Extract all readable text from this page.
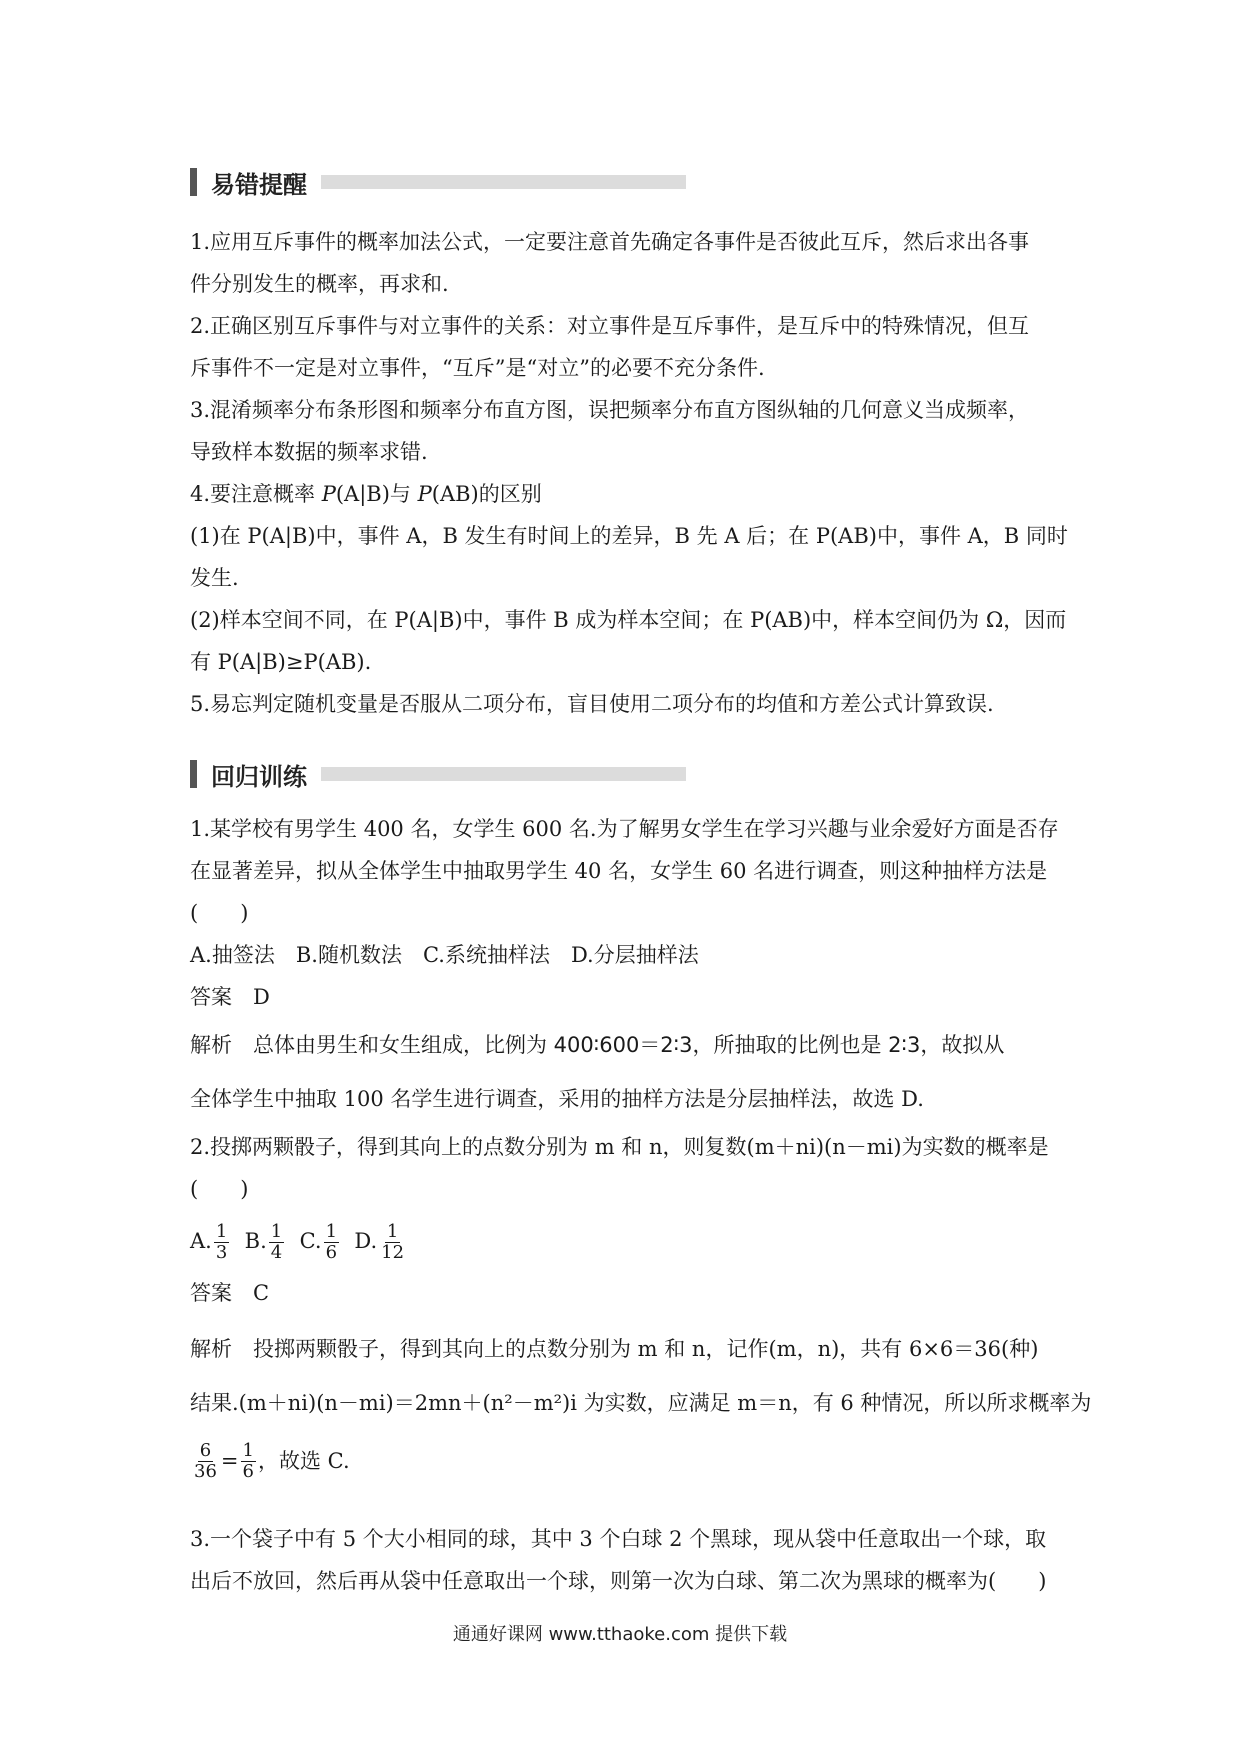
易错提醒
1.应用互斥事件的概率加法公式，一定要注意首先确定各事件是否彼此互斥，然后求出各事
件分别发生的概率，再求和.
2.正确区别互斥事件与对立事件的关系：对立事件是互斥事件，是互斥中的特殊情况，但互
斥事件不一定是对立事件，“互斥”是“对立”的必要不充分条件.
3.混淆频率分布条形图和频率分布直方图，误把频率分布直方图纵轴的几何意义当成频率，
导致样本数据的频率求错.
4.要注意概率 P(A|B)与 P(AB)的区别
(1)在 P(A|B)中，事件 A，B 发生有时间上的差异，B 先 A 后；在 P(AB)中，事件 A，B 同时
发生.
(2)样本空间不同，在 P(A|B)中，事件 B 成为样本空间；在 P(AB)中，样本空间仍为 Ω，因而
有 P(A|B)≥P(AB).
5.易忘判定随机变量是否服从二项分布，盲目使用二项分布的均值和方差公式计算致误.
回归训练
1.某学校有男学生 400 名，女学生 600 名.为了解男女学生在学习兴趣与业余爱好方面是否存
在显著差异，拟从全体学生中抽取男学生 40 名，女学生 60 名进行调查，则这种抽样方法是
(　　)
A.抽签法　B.随机数法　C.系统抽样法　D.分层抽样法
答案　 D
解析　 总体由男生和女生组成，比例为 400∶600＝2∶3，所抽取的比例也是 2∶3，故拟从
全体学生中抽取 100 名学生进行调查，采用的抽样方法是分层抽样法，故选 D.
2.投掷两颗骰子，得到其向上的点数分别为 m 和 n，则复数(m＋ni)(n－mi)为实数的概率是
(　　)
A. $\frac{1}{3}$
B. $\frac{1}{4}$
C. $\frac{1}{6}$
D. $\frac{1}{12}$
答案　 C
解析　 投掷两颗骰子，得到其向上的点数分别为 m 和 n，记作(m，n)，共有 6×6＝36(种)
结果.(m＋ni)(n－mi)＝2mn＋(n²－m²)i 为实数，应满足 m＝n，有 6 种情况，所以所求概率为
$\frac{6}{36} = \frac{1}{6}$ ，故选 C.
3.一个袋子中有 5 个大小相同的球，其中 3 个白球 2 个黑球，现从袋中任意取出一个球，取
出后不放回，然后再从袋中任意取出一个球，则第一次为白球、第二次为黑球的概率为(　　)
通通好课网 www.tthaoke.com 提供下载
